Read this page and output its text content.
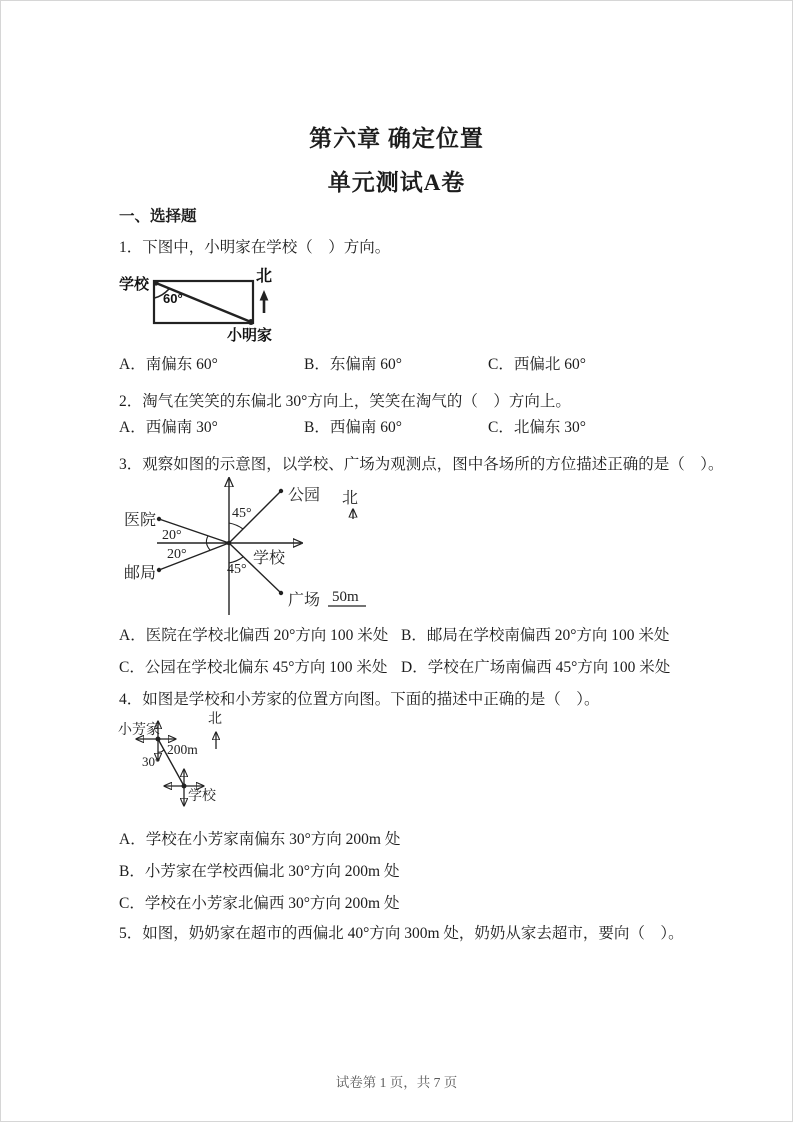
第六章 确定位置
单元测试A卷
一、选择题
1．下图中，小明家在学校（　）方向。
学校
60°
北
小明家
A．南偏东 60°	B．东偏南 60°	C．西偏北 60°
2．淘气在笑笑的东偏北 30°方向上，笑笑在淘气的（　）方向上。
A．西偏南 30°	B．西偏南 60°	C．北偏东 30°
3．观察如图的示意图，以学校、广场为观测点，图中各场所的方位描述正确的是（　）。
公园
医院
邮局
广场
学校
45°
45°
20°
20°
北
50m
A．医院在学校北偏西 20°方向 100 米处 B．邮局在学校南偏西 20°方向 100 米处
C．公园在学校北偏东 45°方向 100 米处 D．学校在广场南偏西 45°方向 100 米处
4．如图是学校和小芳家的位置方向图。下面的描述中正确的是（　）。
小芳家
200m
30°
学校
北
A．学校在小芳家南偏东 30°方向 200m 处
B．小芳家在学校西偏北 30°方向 200m 处
C．学校在小芳家北偏西 30°方向 200m 处
5．如图，奶奶家在超市的西偏北 40°方向 300m 处，奶奶从家去超市，要向（　）。
试卷第 1 页，共 7 页
